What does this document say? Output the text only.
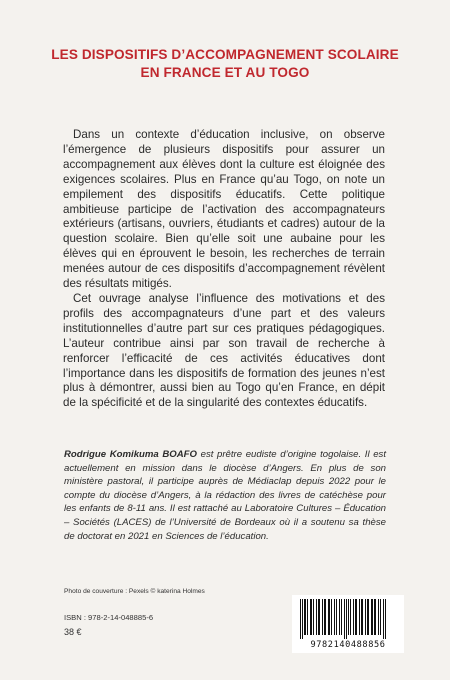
LES DISPOSITIFS D’ACCOMPAGNEMENT SCOLAIRE
EN FRANCE ET AU TOGO

Dans un contexte d’éducation inclusive, on observe l’émergence de plusieurs dispositifs pour assurer un accompagnement aux élèves dont la culture est éloignée des exigences scolaires. Plus en France qu’au Togo, on note un empilement des dispositifs éducatifs. Cette politique ambitieuse participe de l’activation des accompagnateurs extérieurs (artisans, ouvriers, étudiants et cadres) autour de la question scolaire. Bien qu’elle soit une aubaine pour les élèves qui en éprouvent le besoin, les recherches de terrain menées autour de ces dispositifs d’accompagnement révèlent des résultats mitigés.

Cet ouvrage analyse l’influence des motivations et des profils des accompagnateurs d’une part et des valeurs institutionnelles d’autre part sur ces pratiques pédagogiques. L’auteur contribue ainsi par son travail de recherche à renforcer l’efficacité de ces activités éducatives dont l’importance dans les dispositifs de formation des jeunes n’est plus à démontrer, aussi bien au Togo qu’en France, en dépit de la spécificité et de la singularité des contextes éducatifs.

Rodrigue Komikuma BOAFO est prêtre eudiste d’origine togolaise. Il est actuellement en mission dans le diocèse d’Angers. En plus de son ministère pastoral, il participe auprès de Médiaclap depuis 2022 pour le compte du diocèse d’Angers, à la rédaction des livres de catéchèse pour les enfants de 8-11 ans. Il est rattaché au Laboratoire Cultures – Éducation – Sociétés (LACES) de l’Université de Bordeaux où il a soutenu sa thèse de doctorat en 2021 en Sciences de l’éducation.
Photo de couverture : Pexels © katerina Holmes
ISBN : 978-2-14-048885-6
38 €
9782140488856
